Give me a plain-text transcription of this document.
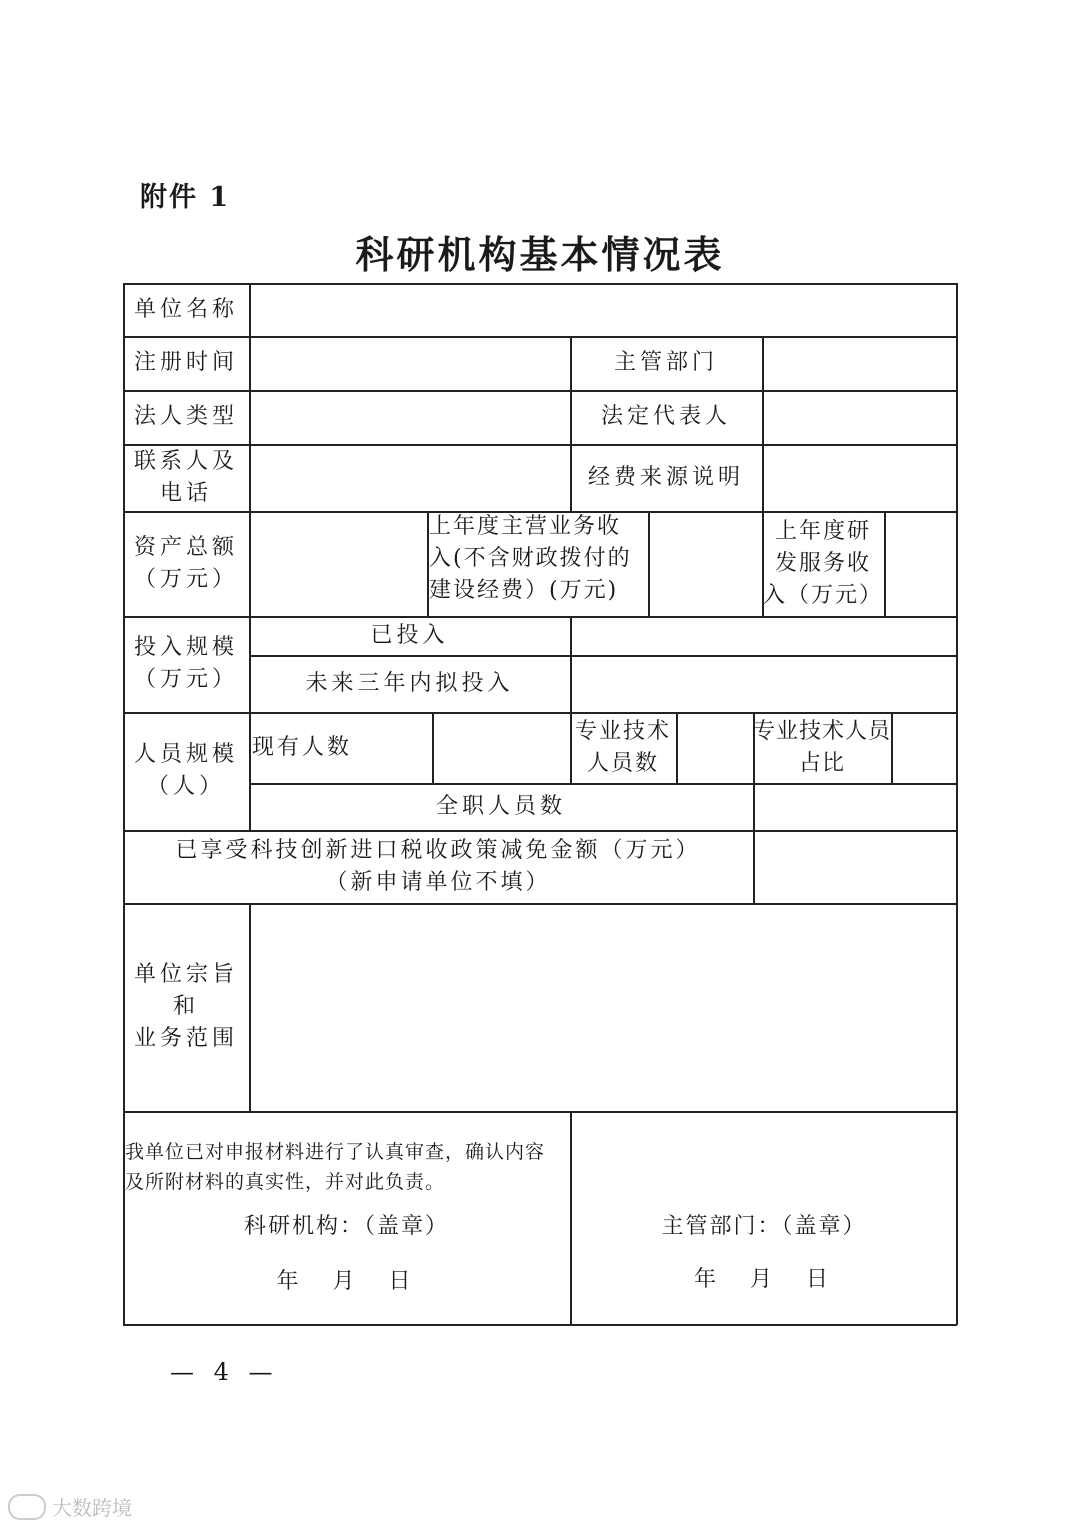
附件 1
科研机构基本情况表
单位名称
注册时间	主管部门
法人类型	法定代表人
联系人及
电话
经费来源说明
资产总额
（万元）
上年度主营业务收
入(不含财政拨付的
建设经费）(万元)
上年度研
发服务收
入（万元）
投入规模
（万元）
已投入
未来三年内拟投入
人员规模
（人）
现有人数
专业技术
人员数
专业技术人员
占比
全职人员数
已享受科技创新进口税收政策减免金额（万元）
（新申请单位不填）
单位宗旨
和
业务范围
我单位已对申报材料进行了认真审查，确认内容
及所附材料的真实性，并对此负责。
科研机构：（盖章）
年　月　日
主管部门：（盖章）
年　月　日
— 4 —
大数跨境
